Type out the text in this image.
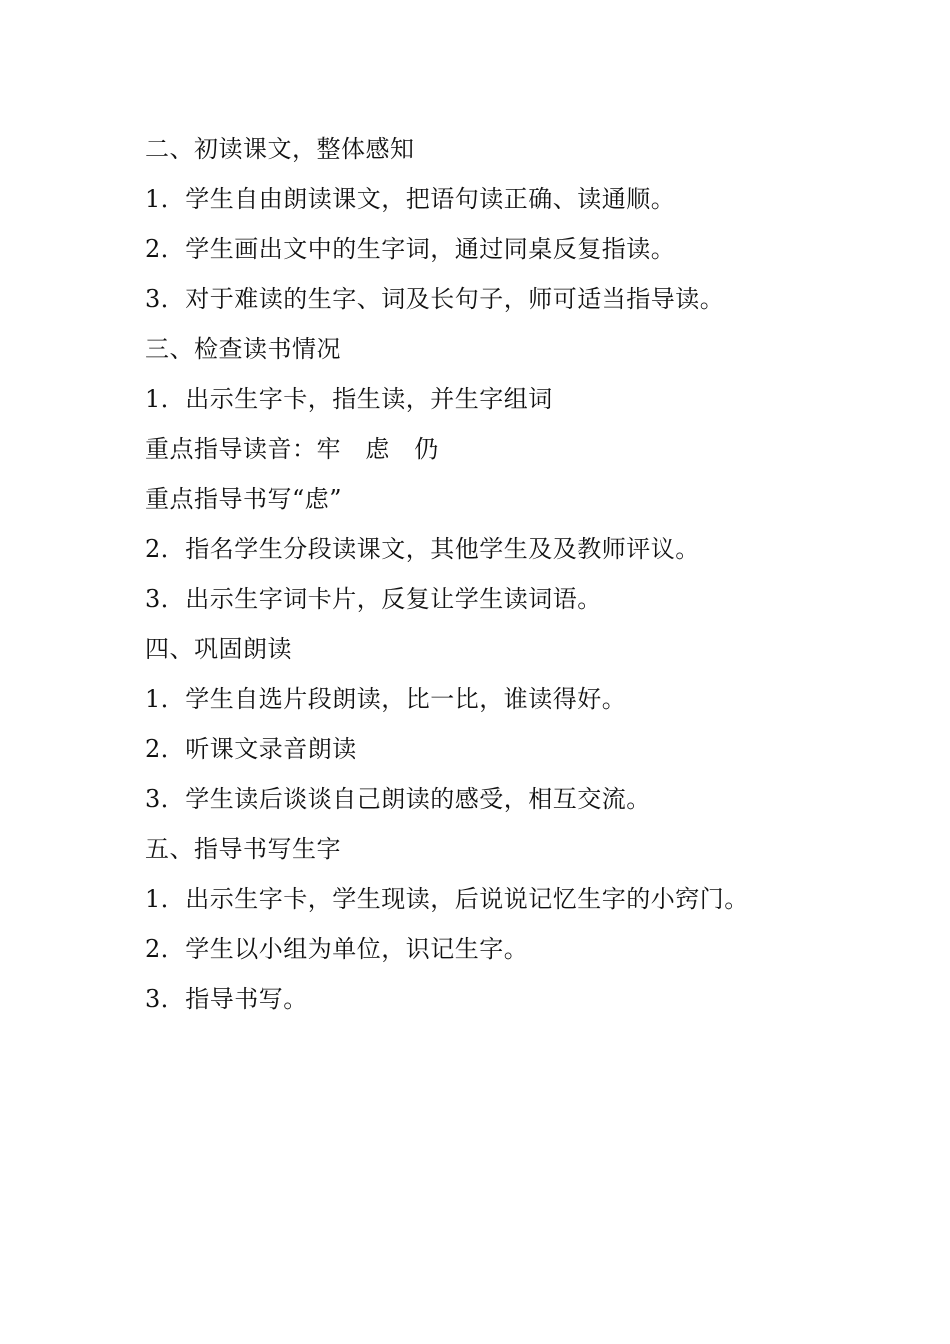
二、初读课文，整体感知
1．学生自由朗读课文，把语句读正确、读通顺。
2．学生画出文中的生字词，通过同桌反复指读。
3．对于难读的生字、词及长句子，师可适当指导读。
三、检查读书情况
1．出示生字卡，指生读，并生字组词
重点指导读音：牢   虑   仍
重点指导书写“虑”
2．指名学生分段读课文，其他学生及及教师评议。
3．出示生字词卡片，反复让学生读词语。
四、巩固朗读
1．学生自选片段朗读，比一比，谁读得好。
2．听课文录音朗读
3．学生读后谈谈自己朗读的感受，相互交流。
五、指导书写生字
1．出示生字卡，学生现读，后说说记忆生字的小窍门。
2．学生以小组为单位，识记生字。
3．指导书写。
